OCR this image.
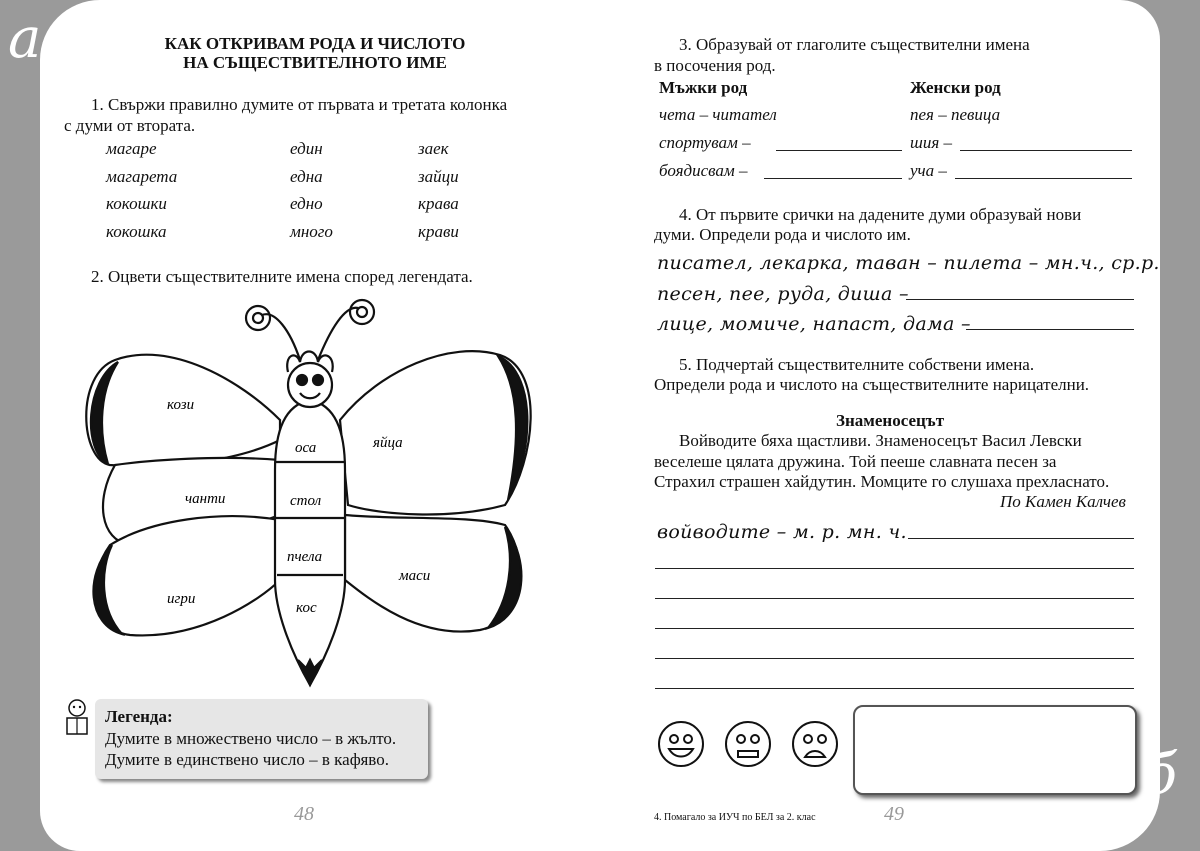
а
б
КАК ОТКРИВАМ РОДА И ЧИСЛОТО
НА СЪЩЕСТВИТЕЛНОТО ИМЕ
1. Свържи правилно думите от първата и третата колонка
с думи от втората.
магаре
магарета
кокошки
кокошка
един
една
едно
много
заек
зайци
крава
крави
2. Оцвети съществителните имена според легендата.
кози
яйца
чанти
маси
игри
оса
стол
пчела
кос
Легенда:
Думите в множествено число – в жълто.
Думите в единствено число – в кафяво.
48
3. Образувай от глаголите съществителни имена
в посочения род.
Мъжки род	Женски род
чета – читател
спортувам –
боядисвам –
пея – певица
шия –
уча –
4. От първите срички на дадените думи образувай нови
думи. Определи рода и числото им.
писател, лекарка, таван – пилета – мн.ч., ср.р.
песен, пее, руда, диша –
лице, момиче, напаст, дама –
5. Подчертай съществителните собствени имена.
Определи рода и числото на съществителните нарицателни.
Знаменосецът
Войводите бяха щастливи. Знаменосецът Васил Левски
веселеше цялата дружина. Той пееше славната песен за
Страхил страшен хайдутин. Момците го слушаха прехласнато.
По Камен Калчев
войводите – м. р. мн. ч.
4. Помагало за ИУЧ по БЕЛ за 2. клас	49
